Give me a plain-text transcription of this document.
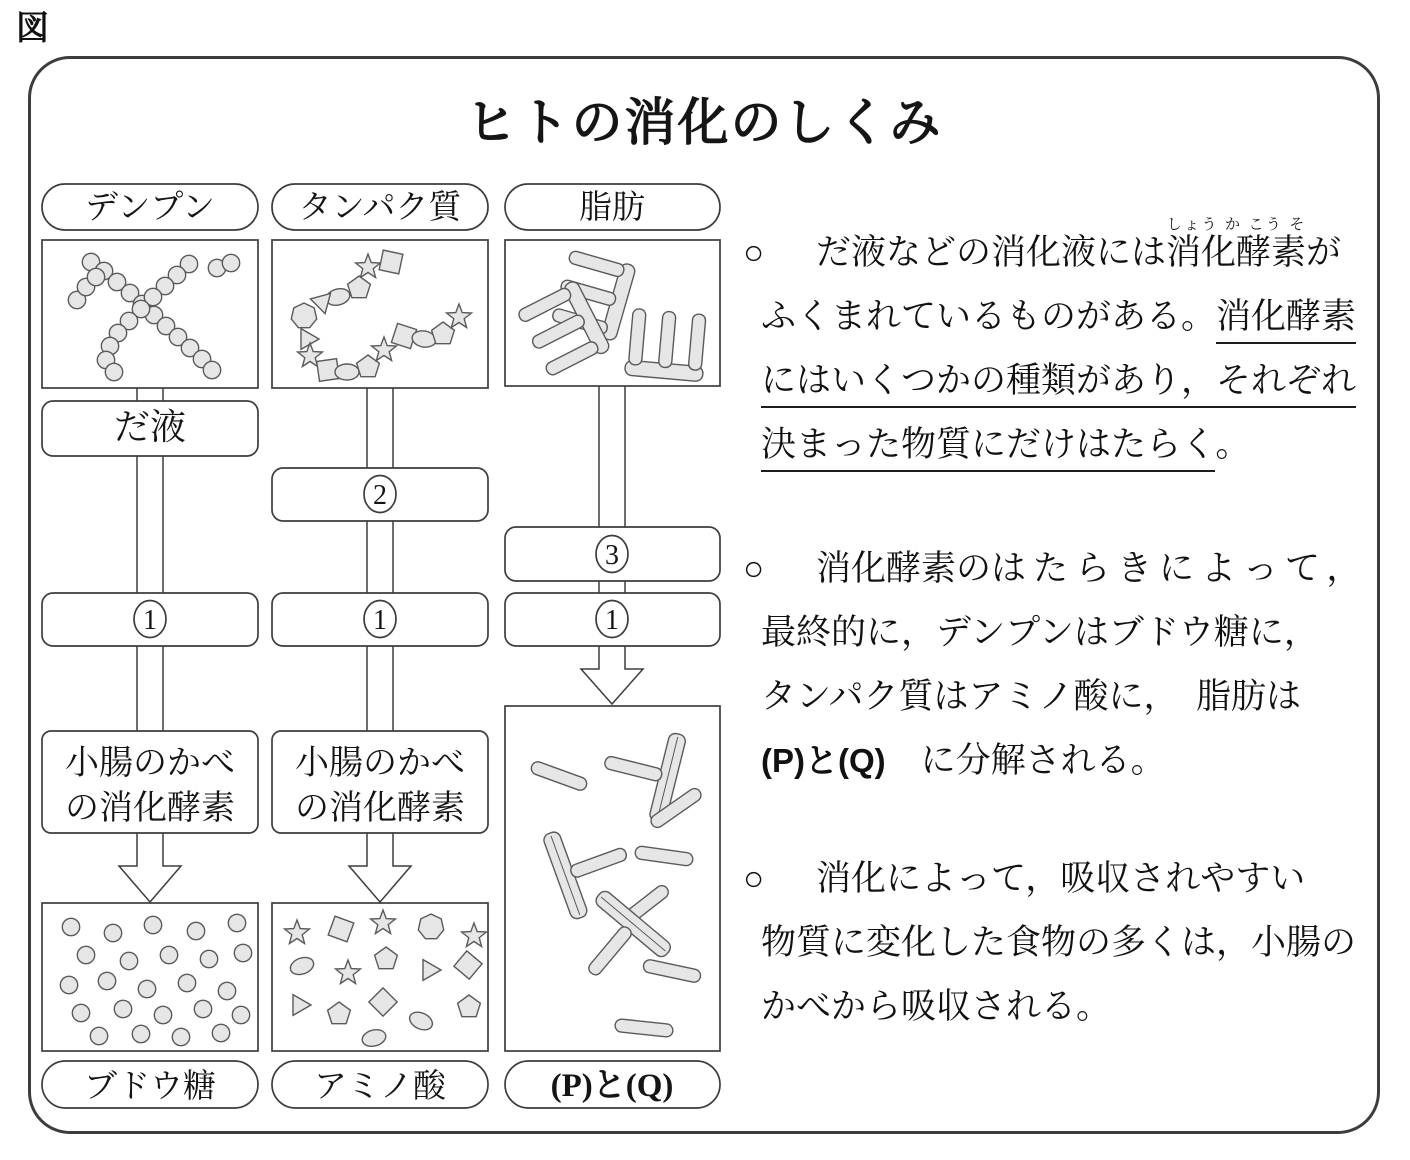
図
ヒトの消化のしくみ
デンプン
だ液
1
小腸のかべ
の消化酵素
ブドウ糖
タンパク質
2
1
小腸のかべ
の消化酵素
アミノ酸
脂肪
3
1
(P)と(Q)
○ だ液などの消化液には消化酵素しょう か こう そが
ふくまれているものがある。消化酵素
にはいくつかの種類があり，それぞれ
決まった物質にだけはたらく。
○ 消化酵素のはたらきによって，
最終的に，デンプンはブドウ糖に，
タンパク質はアミノ酸に，　脂肪は
(P)と(Q)　に分解される。
○ 消化によって，吸収されやすい
物質に変化した食物の多くは，小腸の
かべから吸収される。
